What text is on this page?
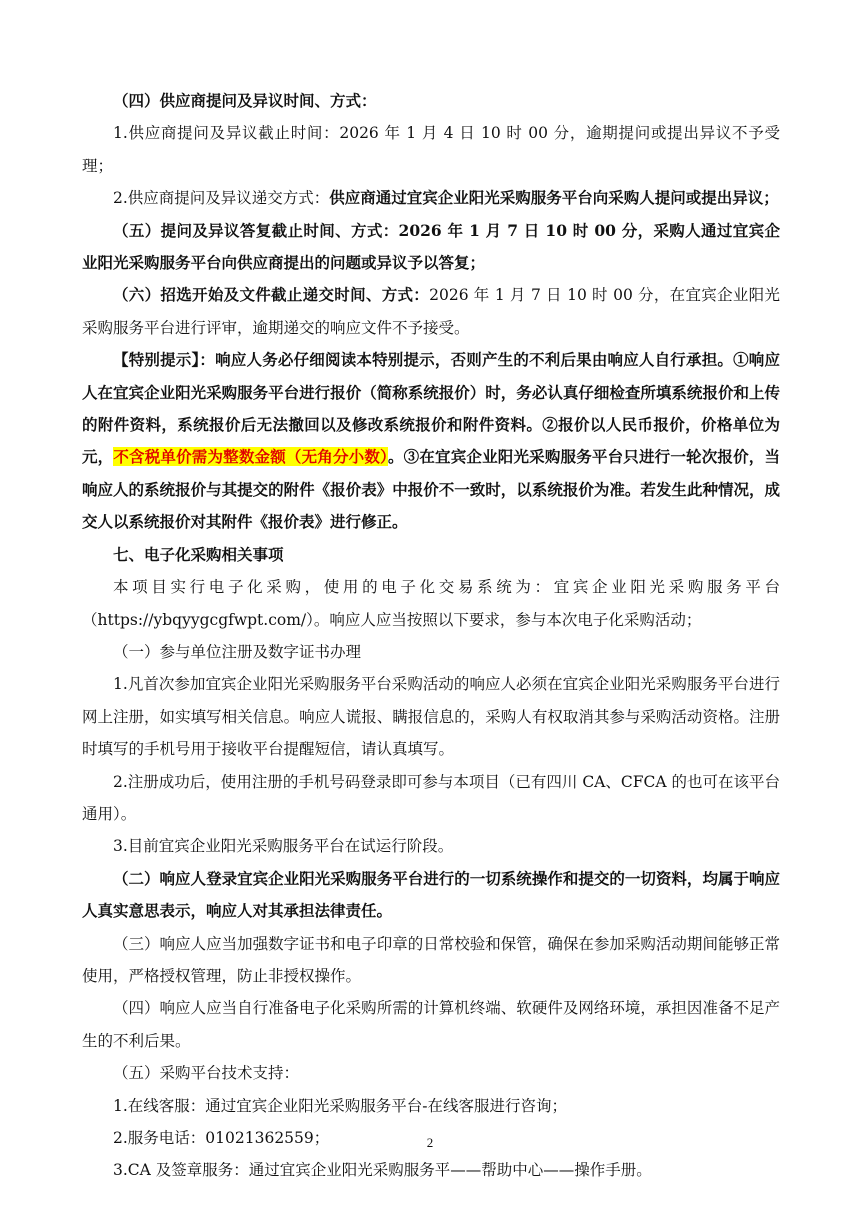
（四）供应商提问及异议时间、方式：

1.供应商提问及异议截止时间：2026 年 1 月 4 日 10 时 00 分，逾期提问或提出异议不予受理；

2.供应商提问及异议递交方式：供应商通过宜宾企业阳光采购服务平台向采购人提问或提出异议；

（五）提问及异议答复截止时间、方式：2026 年 1 月 7 日 10 时 00 分，采购人通过宜宾企业阳光采购服务平台向供应商提出的问题或异议予以答复；

（六）招选开始及文件截止递交时间、方式：2026 年 1 月 7 日 10 时 00 分，在宜宾企业阳光采购服务平台进行评审，逾期递交的响应文件不予接受。

【特别提示】：响应人务必仔细阅读本特别提示，否则产生的不利后果由响应人自行承担。①响应人在宜宾企业阳光采购服务平台进行报价（简称系统报价）时，务必认真仔细检查所填系统报价和上传的附件资料，系统报价后无法撤回以及修改系统报价和附件资料。②报价以人民币报价，价格单位为元，不含税单价需为整数金额（无角分小数）。③在宜宾企业阳光采购服务平台只进行一轮次报价，当响应人的系统报价与其提交的附件《报价表》中报价不一致时，以系统报价为准。若发生此种情况，成交人以系统报价对其附件《报价表》进行修正。

七、电子化采购相关事项

本项目实行电子化采购，使用的电子化交易系统为：宜宾企业阳光采购服务平台（https://ybqyygcgfwpt.com/）。响应人应当按照以下要求，参与本次电子化采购活动；

（一）参与单位注册及数字证书办理

1.凡首次参加宜宾企业阳光采购服务平台采购活动的响应人必须在宜宾企业阳光采购服务平台进行网上注册，如实填写相关信息。响应人谎报、瞒报信息的，采购人有权取消其参与采购活动资格。注册时填写的手机号用于接收平台提醒短信，请认真填写。

2.注册成功后，使用注册的手机号码登录即可参与本项目（已有四川 CA、CFCA 的也可在该平台通用）。

3.目前宜宾企业阳光采购服务平台在试运行阶段。

（二）响应人登录宜宾企业阳光采购服务平台进行的一切系统操作和提交的一切资料，均属于响应人真实意思表示，响应人对其承担法律责任。

（三）响应人应当加强数字证书和电子印章的日常校验和保管，确保在参加采购活动期间能够正常使用，严格授权管理，防止非授权操作。

（四）响应人应当自行准备电子化采购所需的计算机终端、软硬件及网络环境，承担因准备不足产生的不利后果。

（五）采购平台技术支持：

1.在线客服：通过宜宾企业阳光采购服务平台-在线客服进行咨询；

2.服务电话：01021362559；

3.CA 及签章服务：通过宜宾企业阳光采购服务平——帮助中心——操作手册。

2
